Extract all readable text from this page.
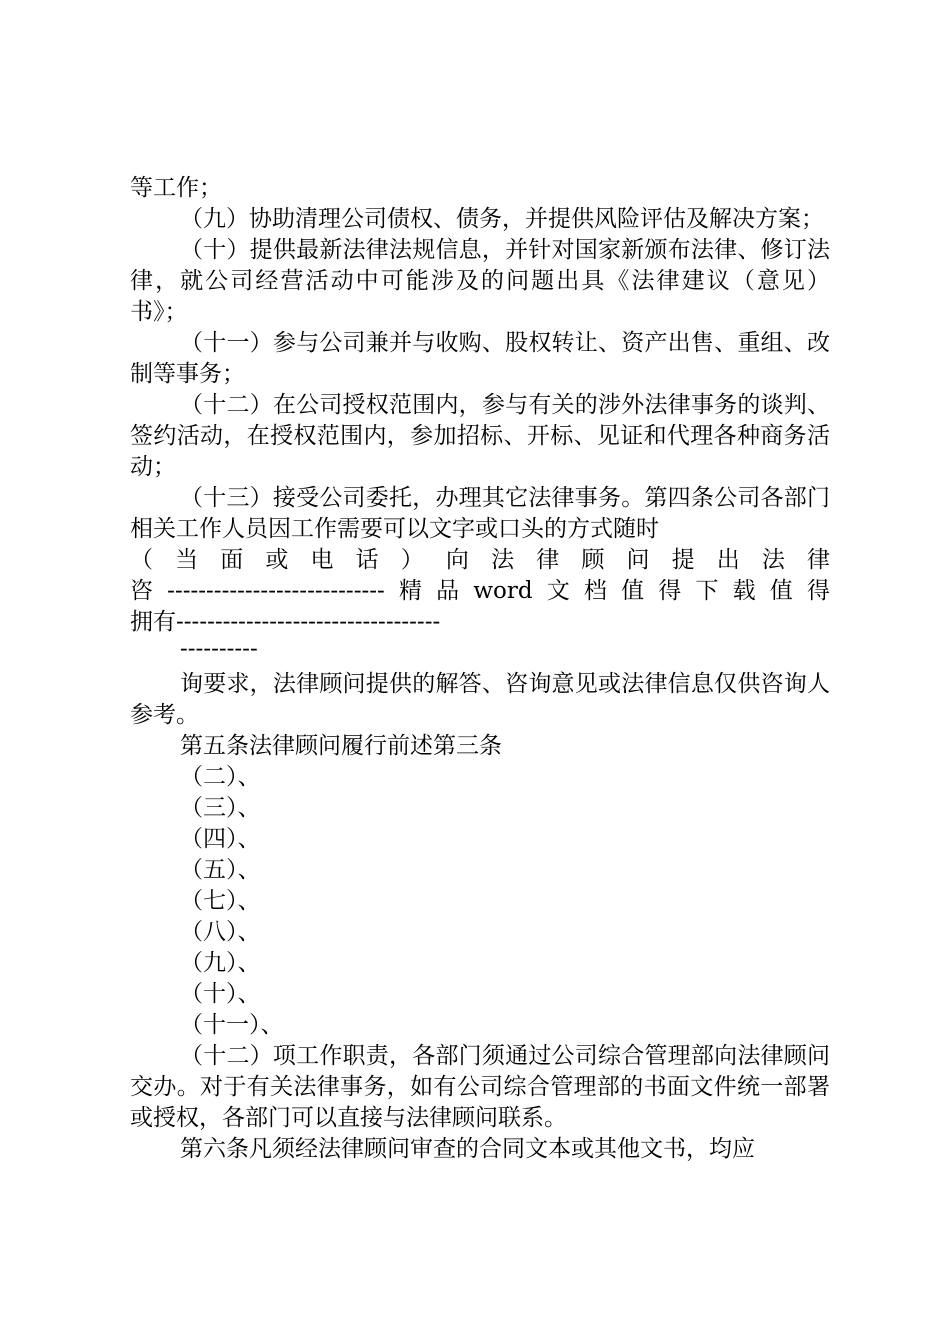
等工作；

（九）协助清理公司债权、债务，并提供风险评估及解决方案；

（十）提供最新法律法规信息，并针对国家新颁布法律、修订法律，就公司经营活动中可能涉及的问题出具《法律建议（意见）书》；

（十一）参与公司兼并与收购、股权转让、资产出售、重组、改制等事务；

（十二）在公司授权范围内，参与有关的涉外法律事务的谈判、签约活动，在授权范围内，参加招标、开标、见证和代理各种商务活动；

（十三）接受公司委托，办理其它法律事务。第四条公司各部门相关工作人员因工作需要可以文字或口头的方式随时

（当面或电话）向法律顾问提出法律

咨----------------------------精品word文档值得下载值得

拥有----------------------------------

----------

询要求，法律顾问提供的解答、咨询意见或法律信息仅供咨询人参考。

第五条法律顾问履行前述第三条

（二）、

（三）、

（四）、

（五）、

（七）、

（八）、

（九）、

（十）、

（十一）、

（十二）项工作职责，各部门须通过公司综合管理部向法律顾问交办。对于有关法律事务，如有公司综合管理部的书面文件统一部署或授权，各部门可以直接与法律顾问联系。

第六条凡须经法律顾问审查的合同文本或其他文书，均应
